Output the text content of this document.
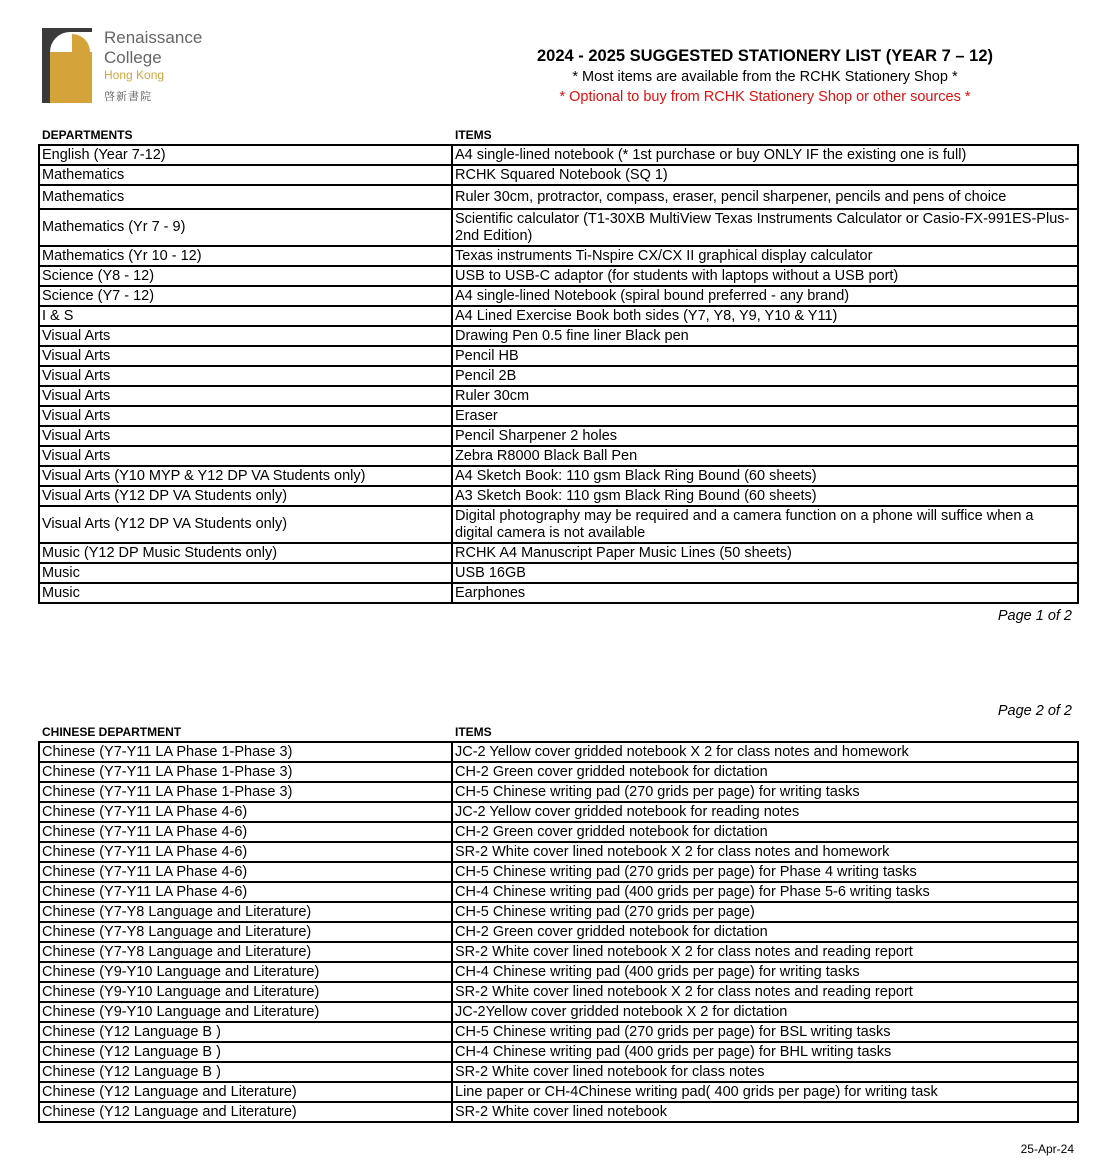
Renaissance
College
Hong Kong
啓新書院
2024 - 2025 SUGGESTED STATIONERY LIST (YEAR 7 – 12)
* Most items are available from the RCHK Stationery Shop *
* Optional to buy from RCHK Stationery Shop or other sources *
DEPARTMENTS	ITEMS
English (Year 7-12)	A4 single-lined notebook (* 1st purchase or buy ONLY IF the existing one is full)
Mathematics	RCHK Squared Notebook (SQ 1)
Mathematics	Ruler 30cm, protractor, compass, eraser, pencil sharpener, pencils and pens of choice
Mathematics (Yr 7 - 9)	Scientific calculator (T1-30XB MultiView Texas Instruments Calculator or Casio-FX-991ES-Plus-2nd Edition)
Mathematics (Yr 10 - 12)	Texas instruments Ti-Nspire CX/CX II graphical display calculator
Science (Y8 - 12)	USB to USB-C adaptor (for students with laptops without a USB port)
Science (Y7 - 12)	A4 single-lined Notebook (spiral bound preferred - any brand)
I & S	A4 Lined Exercise Book both sides (Y7, Y8, Y9, Y10 & Y11)
Visual Arts	Drawing Pen 0.5 fine liner Black pen
Visual Arts	Pencil HB
Visual Arts	Pencil 2B
Visual Arts	Ruler 30cm
Visual Arts	Eraser
Visual Arts	Pencil Sharpener 2 holes
Visual Arts	Zebra R8000 Black Ball Pen
Visual Arts (Y10 MYP & Y12 DP VA Students only)	A4 Sketch Book: 110 gsm Black Ring Bound (60 sheets)
Visual Arts (Y12 DP VA Students only)	A3 Sketch Book: 110 gsm Black Ring Bound (60 sheets)
Visual Arts (Y12 DP VA Students only)	Digital photography may be required and a camera function on a phone will suffice when a digital camera is not available
Music (Y12 DP Music Students only)	RCHK A4 Manuscript Paper Music Lines (50 sheets)
Music	USB 16GB
Music	Earphones
Page 1 of 2
Page 2 of 2
CHINESE DEPARTMENT	ITEMS
Chinese (Y7-Y11 LA Phase 1-Phase 3)	JC-2 Yellow cover gridded notebook X 2 for class notes and homework
Chinese (Y7-Y11 LA Phase 1-Phase 3)	CH-2 Green cover gridded notebook for dictation
Chinese (Y7-Y11 LA Phase 1-Phase 3)	CH-5 Chinese writing pad (270 grids per page) for writing tasks
Chinese (Y7-Y11 LA Phase 4-6)	JC-2 Yellow cover gridded notebook for reading notes
Chinese (Y7-Y11 LA Phase 4-6)	CH-2 Green cover gridded notebook for dictation
Chinese (Y7-Y11 LA Phase 4-6)	SR-2 White cover lined notebook X 2 for class notes and homework
Chinese (Y7-Y11 LA Phase 4-6)	CH-5 Chinese writing pad (270 grids per page) for Phase 4 writing tasks
Chinese (Y7-Y11 LA Phase 4-6)	CH-4 Chinese writing pad (400 grids per page) for Phase 5-6 writing tasks
Chinese (Y7-Y8 Language and Literature)	CH-5 Chinese writing pad (270 grids per page)
Chinese (Y7-Y8 Language and Literature)	CH-2 Green cover gridded notebook for dictation
Chinese (Y7-Y8 Language and Literature)	SR-2 White cover lined notebook X 2 for class notes and reading report
Chinese (Y9-Y10 Language and Literature)	CH-4 Chinese writing pad (400 grids per page) for writing tasks
Chinese (Y9-Y10 Language and Literature)	SR-2 White cover lined notebook X 2 for class notes and reading report
Chinese (Y9-Y10 Language and Literature)	JC-2Yellow cover gridded notebook X 2 for dictation
Chinese (Y12 Language B )	CH-5 Chinese writing pad (270 grids per page) for BSL writing tasks
Chinese (Y12 Language B )	CH-4 Chinese writing pad (400 grids per page) for BHL writing tasks
Chinese (Y12 Language B )	SR-2 White cover lined notebook for class notes
Chinese (Y12 Language and Literature)	Line paper or CH-4Chinese writing pad( 400 grids per page) for writing task
Chinese (Y12 Language and Literature)	SR-2 White cover lined notebook
25-Apr-24
